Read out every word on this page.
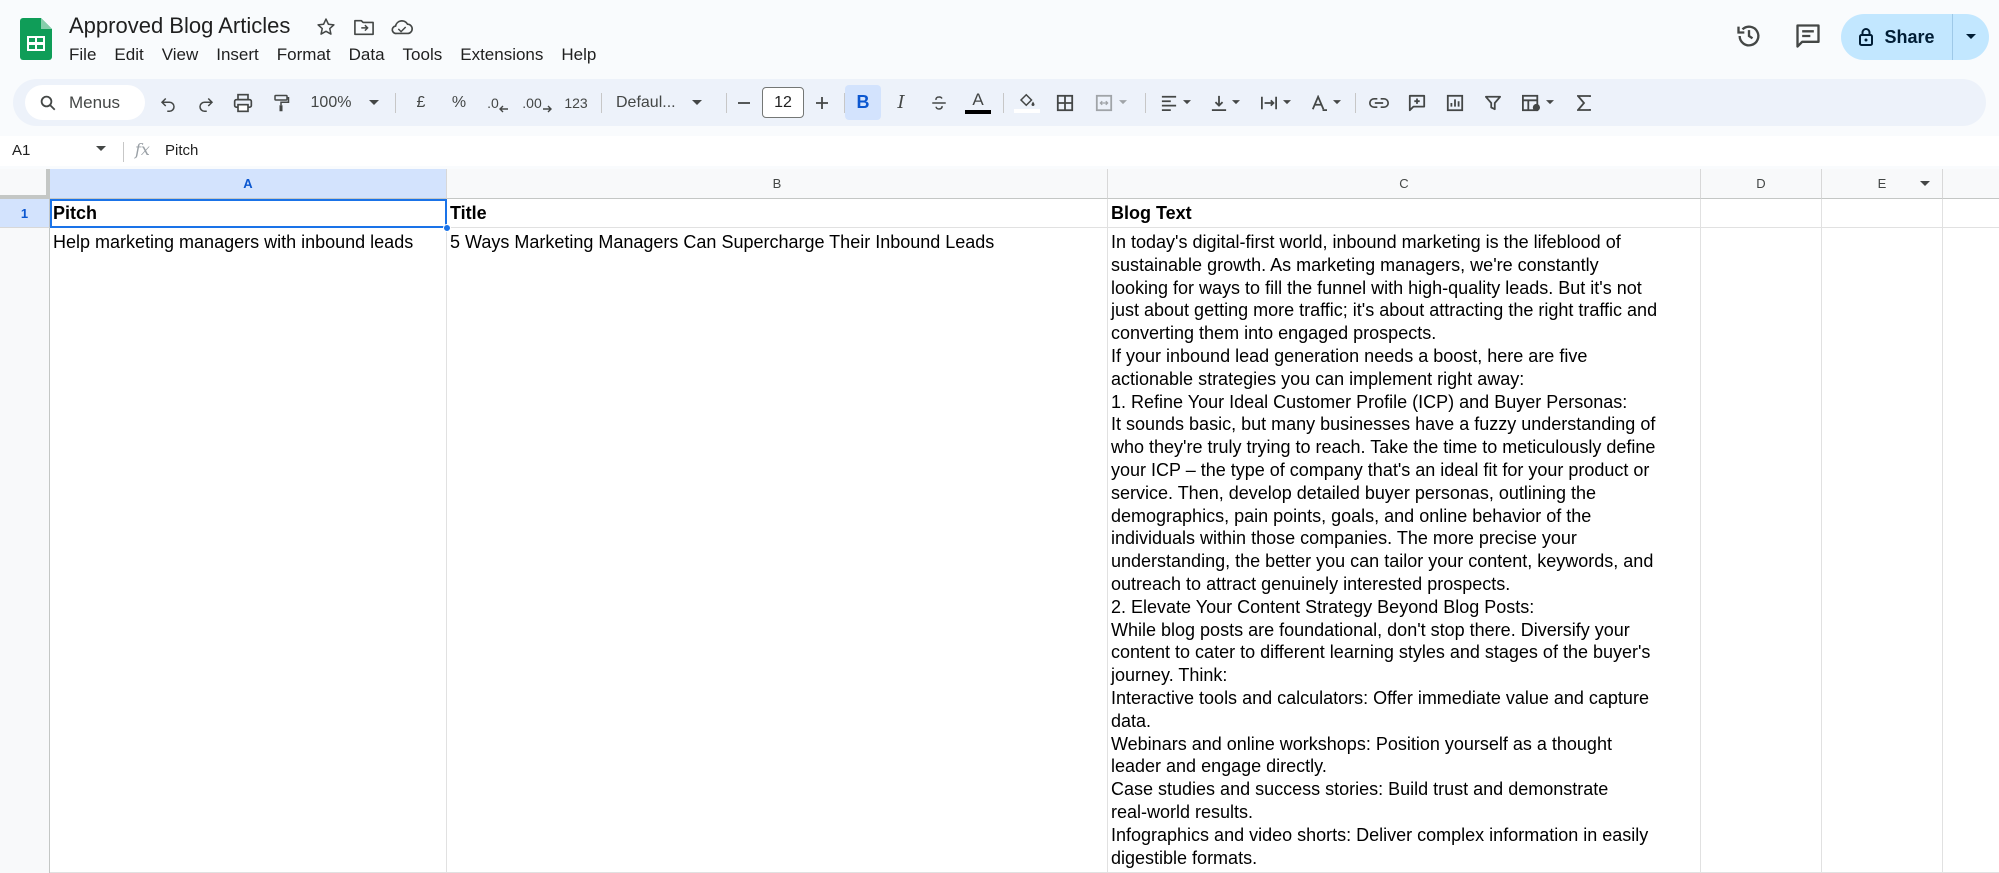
Approved Blog Articles
File	Edit	View	Insert	Format	Data	Tools	Extensions	Help
Share
Menus	100%	£	%	.0 .00	123	Defaul...	12	B	I	A
A1	fx Pitch
A	B	C	D	E
1	Pitch	Title	Blog Text
Help marketing managers with inbound leads	5 Ways Marketing Managers Can Supercharge Their Inbound Leads	In today's digital-first world, inbound marketing is the lifeblood of
sustainable growth. As marketing managers, we're constantly
looking for ways to fill the funnel with high-quality leads. But it's not
just about getting more traffic; it's about attracting the right traffic and
converting them into engaged prospects.
If your inbound lead generation needs a boost, here are five
actionable strategies you can implement right away:
1. Refine Your Ideal Customer Profile (ICP) and Buyer Personas:
It sounds basic, but many businesses have a fuzzy understanding of
who they're truly trying to reach. Take the time to meticulously define
your ICP – the type of company that's an ideal fit for your product or
service. Then, develop detailed buyer personas, outlining the
demographics, pain points, goals, and online behavior of the
individuals within those companies. The more precise your
understanding, the better you can tailor your content, keywords, and
outreach to attract genuinely interested prospects.
2. Elevate Your Content Strategy Beyond Blog Posts:
While blog posts are foundational, don't stop there. Diversify your
content to cater to different learning styles and stages of the buyer's
journey. Think:
Interactive tools and calculators: Offer immediate value and capture
data.
Webinars and online workshops: Position yourself as a thought
leader and engage directly.
Case studies and success stories: Build trust and demonstrate
real-world results.
Infographics and video shorts: Deliver complex information in easily
digestible formats.
